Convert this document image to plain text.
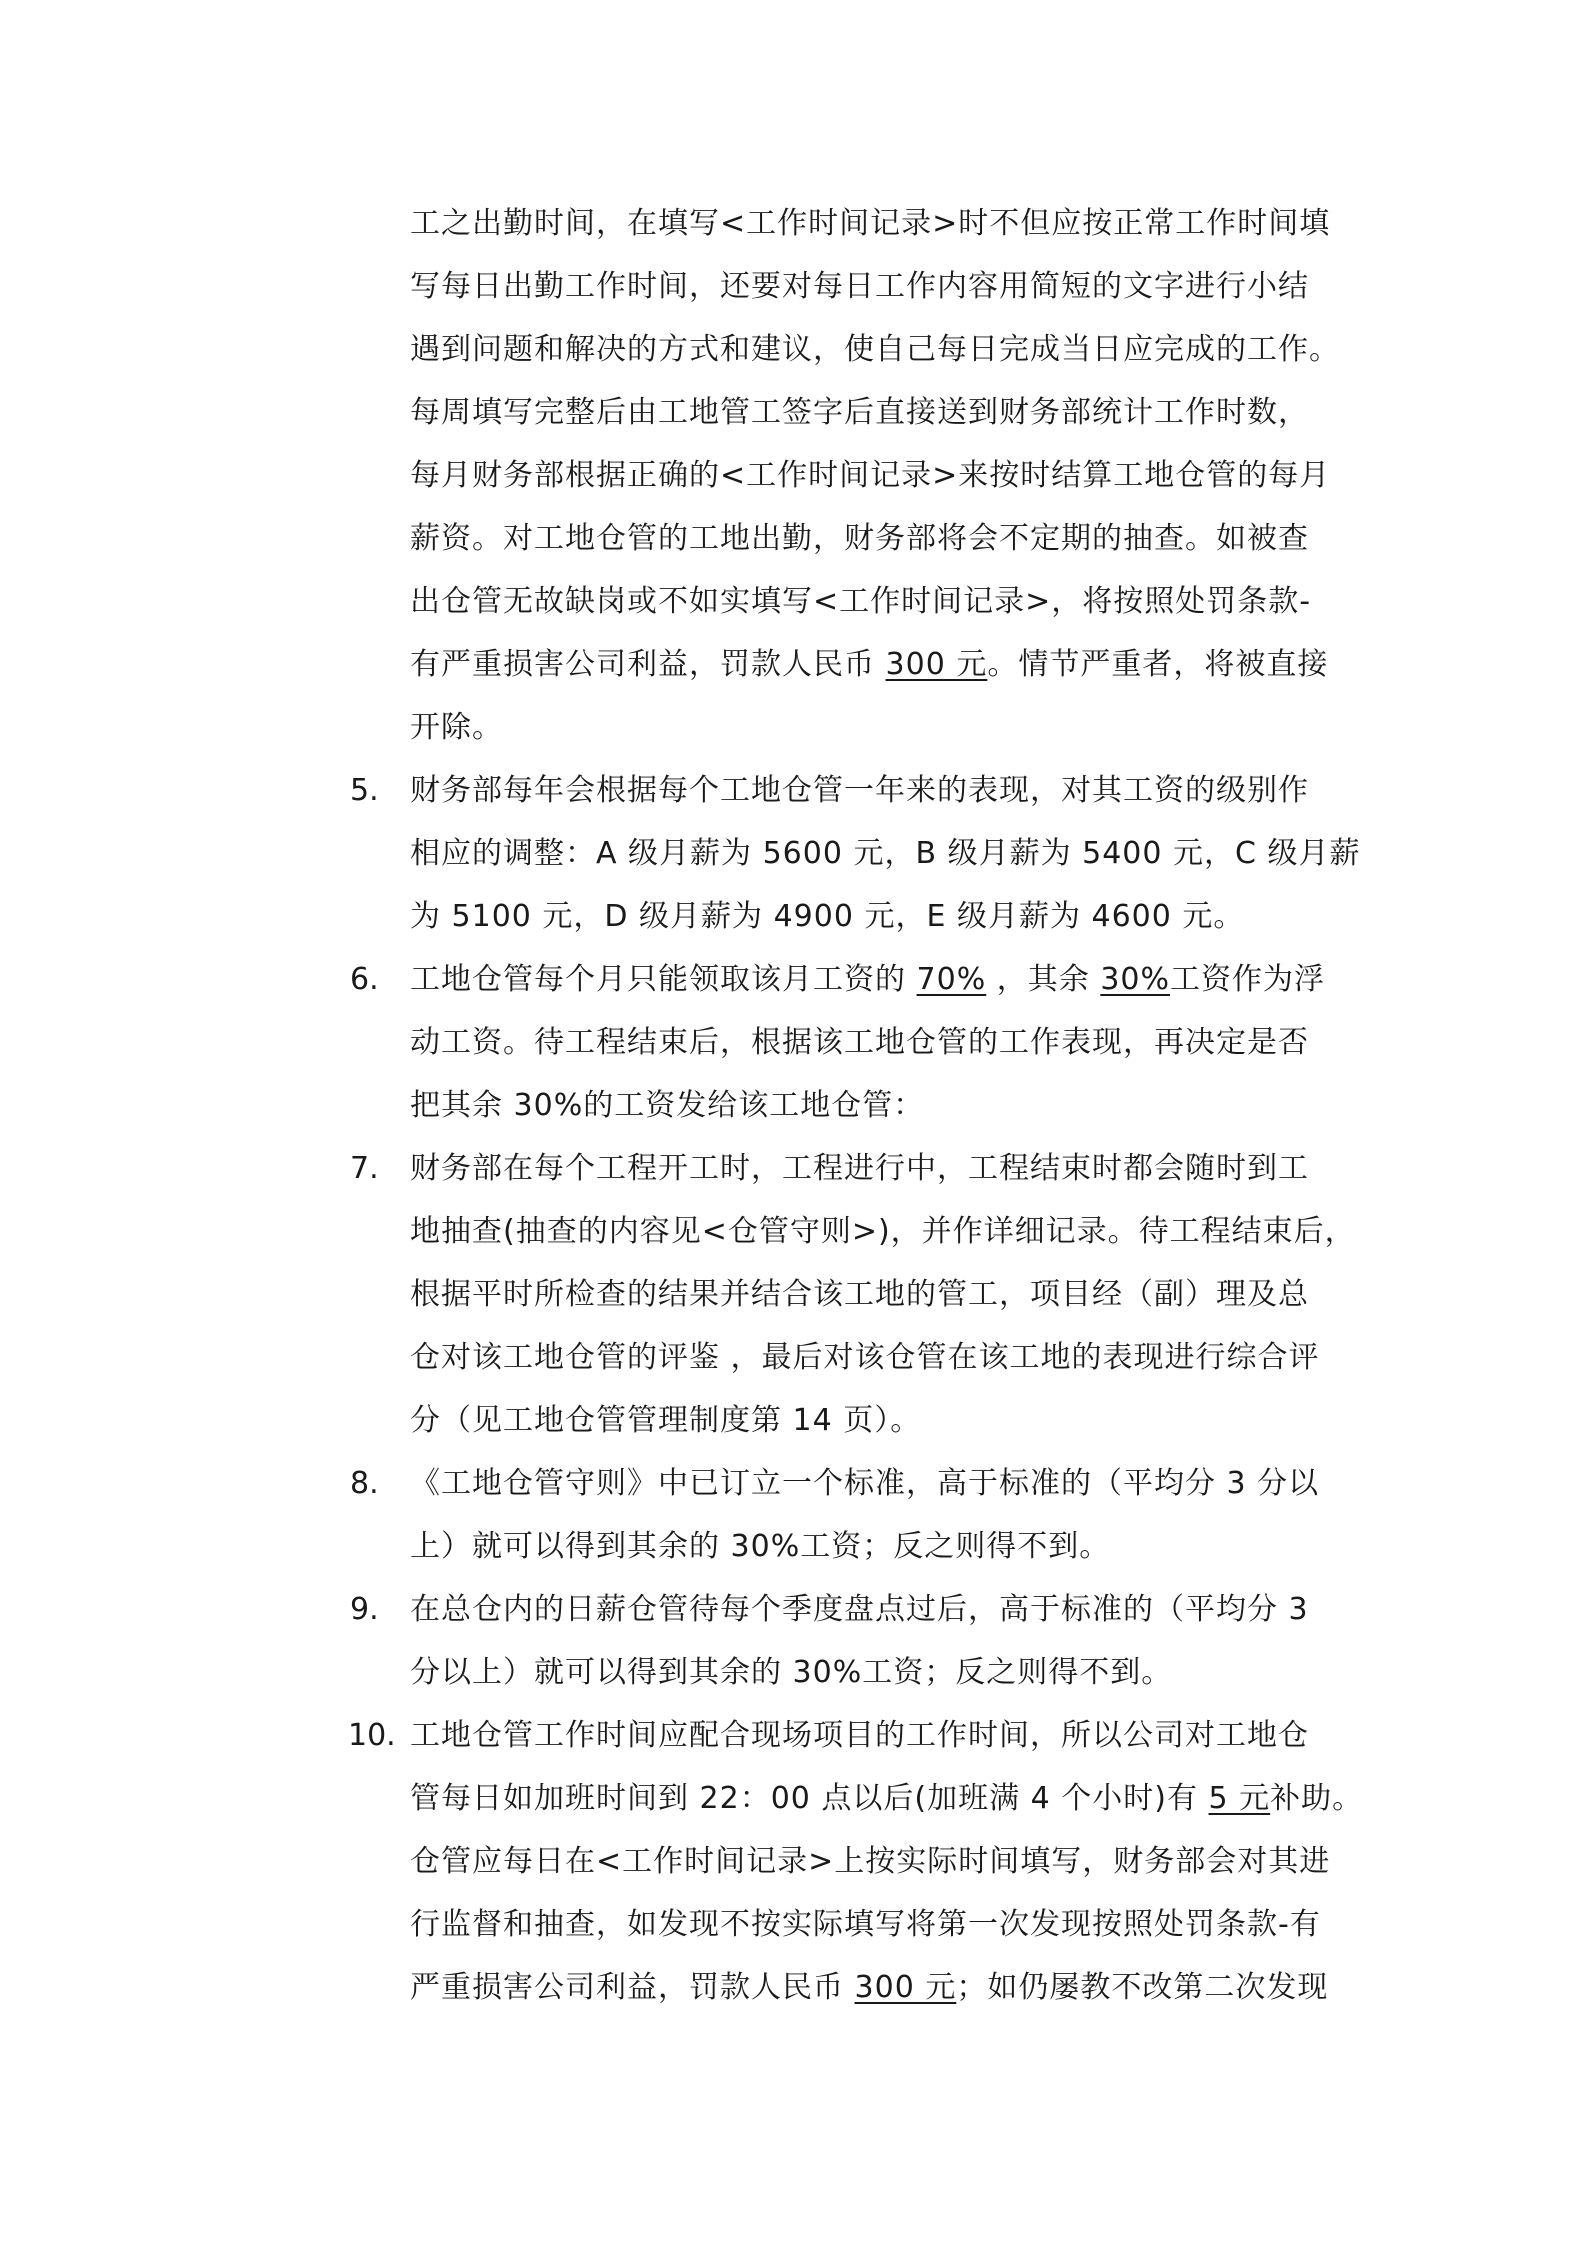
工之出勤时间，在填写<工作时间记录>时不但应按正常工作时间填
写每日出勤工作时间，还要对每日工作内容用简短的文字进行小结
遇到问题和解决的方式和建议，使自己每日完成当日应完成的工作。
每周填写完整后由工地管工签字后直接送到财务部统计工作时数，
每月财务部根据正确的<工作时间记录>来按时结算工地仓管的每月
薪资。对工地仓管的工地出勤，财务部将会不定期的抽查。如被查
出仓管无故缺岗或不如实填写<工作时间记录>，将按照处罚条款-
有严重损害公司利益，罚款人民币 300 元。情节严重者，将被直接
开除。
5.	财务部每年会根据每个工地仓管一年来的表现，对其工资的级别作
相应的调整：A 级月薪为 5600 元，B 级月薪为 5400 元，C 级月薪
为 5100 元，D 级月薪为 4900 元，E 级月薪为 4600 元。
6.	工地仓管每个月只能领取该月工资的 70% ，其余 30%工资作为浮
动工资。待工程结束后，根据该工地仓管的工作表现，再决定是否
把其余 30%的工资发给该工地仓管：
7.	财务部在每个工程开工时，工程进行中，工程结束时都会随时到工
地抽查(抽查的内容见<仓管守则>)，并作详细记录。待工程结束后，
根据平时所检查的结果并结合该工地的管工，项目经（副）理及总
仓对该工地仓管的评鉴 ，最后对该仓管在该工地的表现进行综合评
分（见工地仓管管理制度第 14 页）。
8.	《工地仓管守则》中已订立一个标准，高于标准的（平均分 3 分以
上）就可以得到其余的 30%工资；反之则得不到。
9.	在总仓内的日薪仓管待每个季度盘点过后，高于标准的（平均分 3
分以上）就可以得到其余的 30%工资；反之则得不到。
10. 工地仓管工作时间应配合现场项目的工作时间，所以公司对工地仓
管每日如加班时间到 22：00 点以后(加班满 4 个小时)有 5 元补助。
仓管应每日在<工作时间记录>上按实际时间填写，财务部会对其进
行监督和抽查，如发现不按实际填写将第一次发现按照处罚条款-有
严重损害公司利益，罚款人民币 300 元；如仍屡教不改第二次发现
